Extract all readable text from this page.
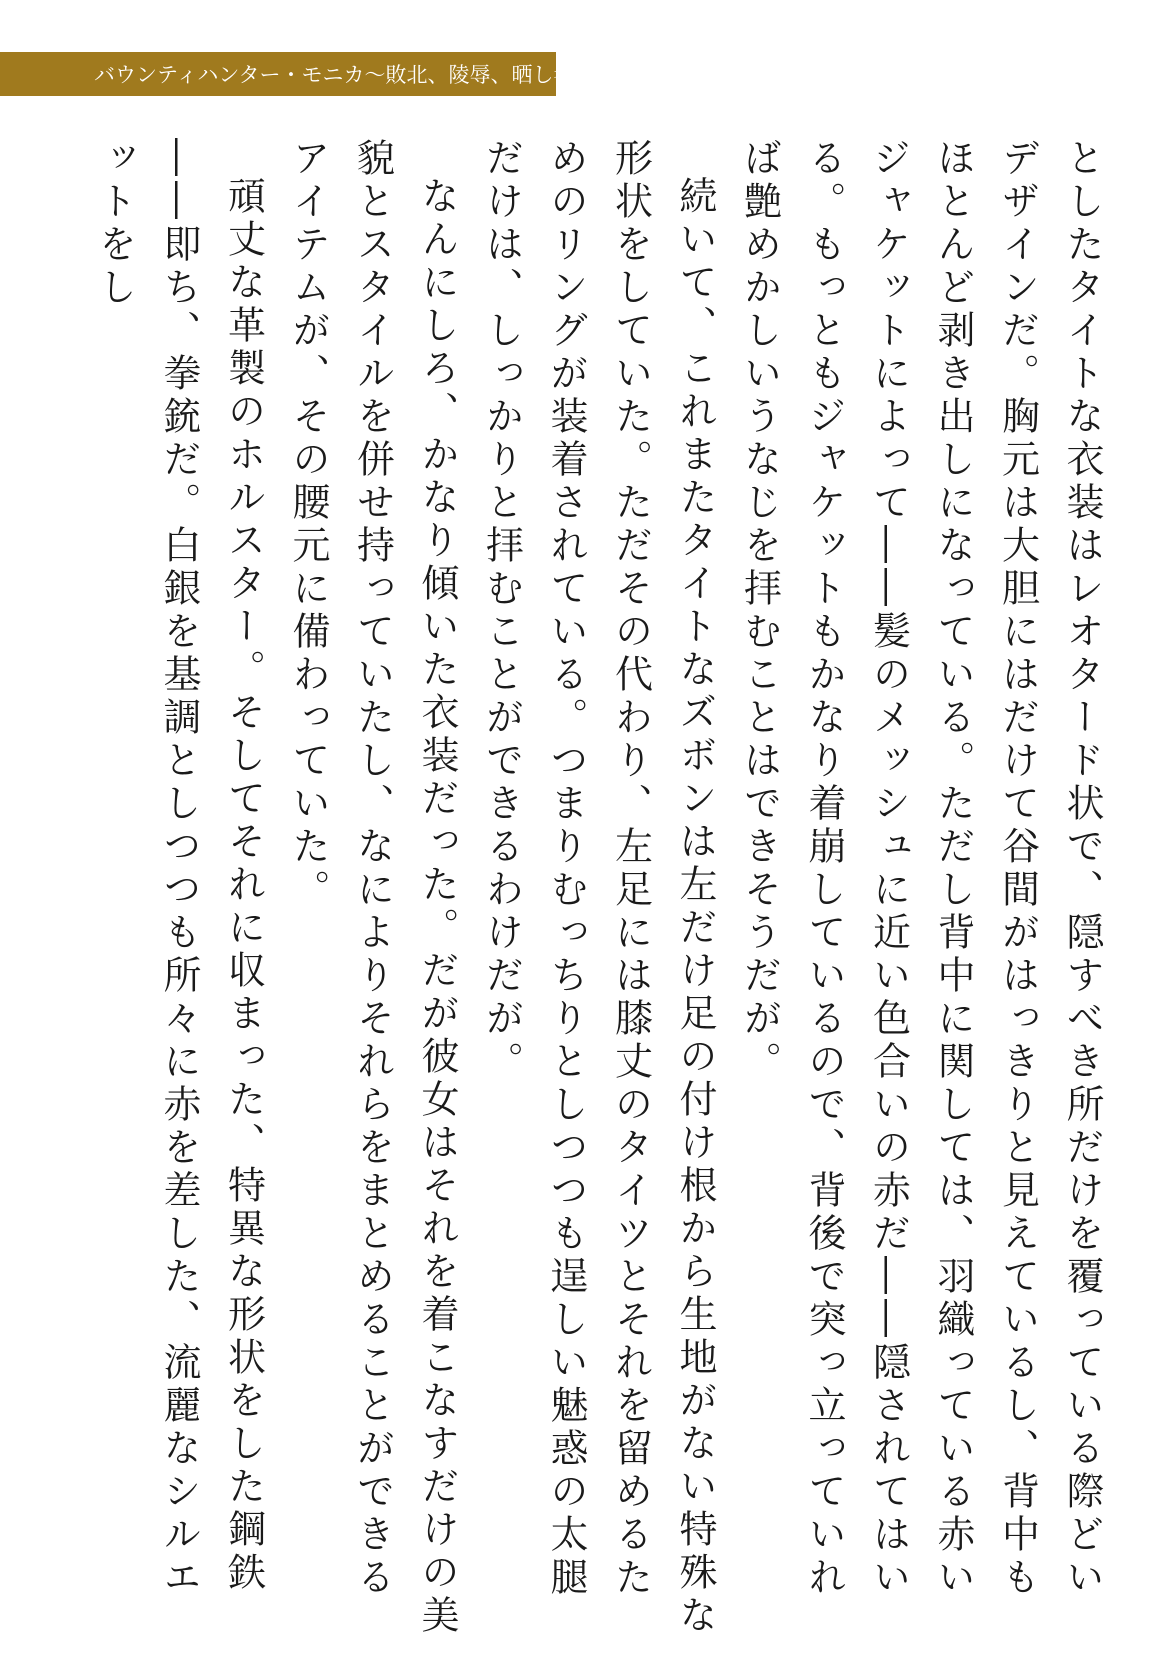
バウンティハンター・モニカ〜敗北、陵辱、晒し者〜

としたタイトな衣装はレオタード状で、隠すべき所だけを覆っている際どいデザインだ。胸元は大胆にはだけて谷間がはっきりと見えているし、背中もほとんど剥き出しになっている。ただし背中に関しては、羽織っている赤いジャケットによって――髪のメッシュに近い色合いの赤だ――隠されてはいる。もっともジャケットもかなり着崩しているので、背後で突っ立っていれば艶めかしいうなじを拝むことはできそうだが。

続いて、これまたタイトなズボンは左だけ足の付け根から生地がない特殊な形状をしていた。ただその代わり、左足には膝丈のタイツとそれを留めるためのリングが装着されている。つまりむっちりとしつつも逞しい魅惑の太腿だけは、しっかりと拝むことができるわけだが。

なんにしろ、かなり傾いた衣装だった。だが彼女はそれを着こなすだけの美貌とスタイルを併せ持っていたし、なによりそれらをまとめることができるアイテムが、その腰元に備わっていた。

頑丈な革製のホルスター。そしてそれに収まった、特異な形状をした鋼鉄――即ち、拳銃だ。白銀を基調としつつも所々に赤を差した、流麗なシルエットをし
